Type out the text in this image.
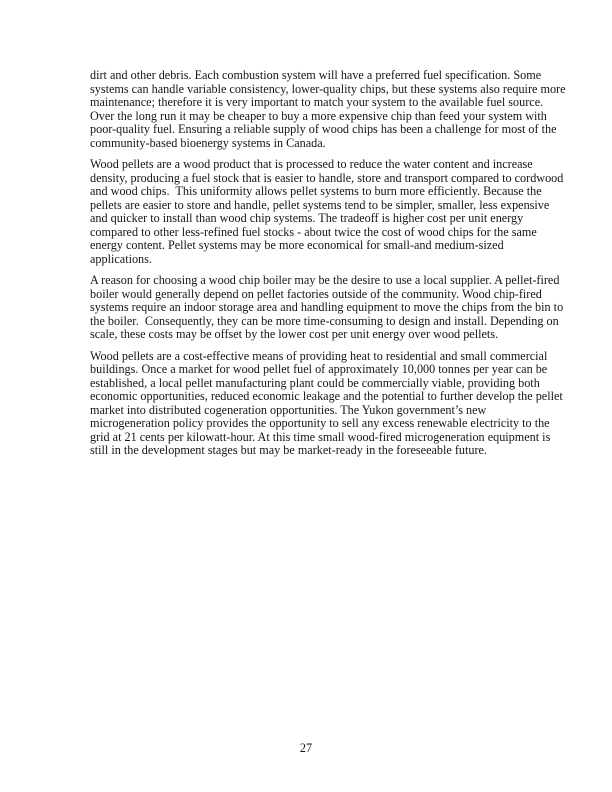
dirt and other debris. Each combustion system will have a preferred fuel specification. Some
systems can handle variable consistency, lower-quality chips, but these systems also require more
maintenance; therefore it is very important to match your system to the available fuel source.
Over the long run it may be cheaper to buy a more expensive chip than feed your system with
poor-quality fuel. Ensuring a reliable supply of wood chips has been a challenge for most of the
community-based bioenergy systems in Canada.

Wood pellets are a wood product that is processed to reduce the water content and increase
density, producing a fuel stock that is easier to handle, store and transport compared to cordwood
and wood chips.  This uniformity allows pellet systems to burn more efficiently. Because the
pellets are easier to store and handle, pellet systems tend to be simpler, smaller, less expensive
and quicker to install than wood chip systems. The tradeoff is higher cost per unit energy
compared to other less-refined fuel stocks - about twice the cost of wood chips for the same
energy content. Pellet systems may be more economical for small-and medium-sized
applications.

A reason for choosing a wood chip boiler may be the desire to use a local supplier. A pellet-fired
boiler would generally depend on pellet factories outside of the community. Wood chip-fired
systems require an indoor storage area and handling equipment to move the chips from the bin to
the boiler.  Consequently, they can be more time-consuming to design and install. Depending on
scale, these costs may be offset by the lower cost per unit energy over wood pellets.

Wood pellets are a cost-effective means of providing heat to residential and small commercial
buildings. Once a market for wood pellet fuel of approximately 10,000 tonnes per year can be
established, a local pellet manufacturing plant could be commercially viable, providing both
economic opportunities, reduced economic leakage and the potential to further develop the pellet
market into distributed cogeneration opportunities. The Yukon government’s new
microgeneration policy provides the opportunity to sell any excess renewable electricity to the
grid at 21 cents per kilowatt-hour. At this time small wood-fired microgeneration equipment is
still in the development stages but may be market-ready in the foreseeable future.

27
